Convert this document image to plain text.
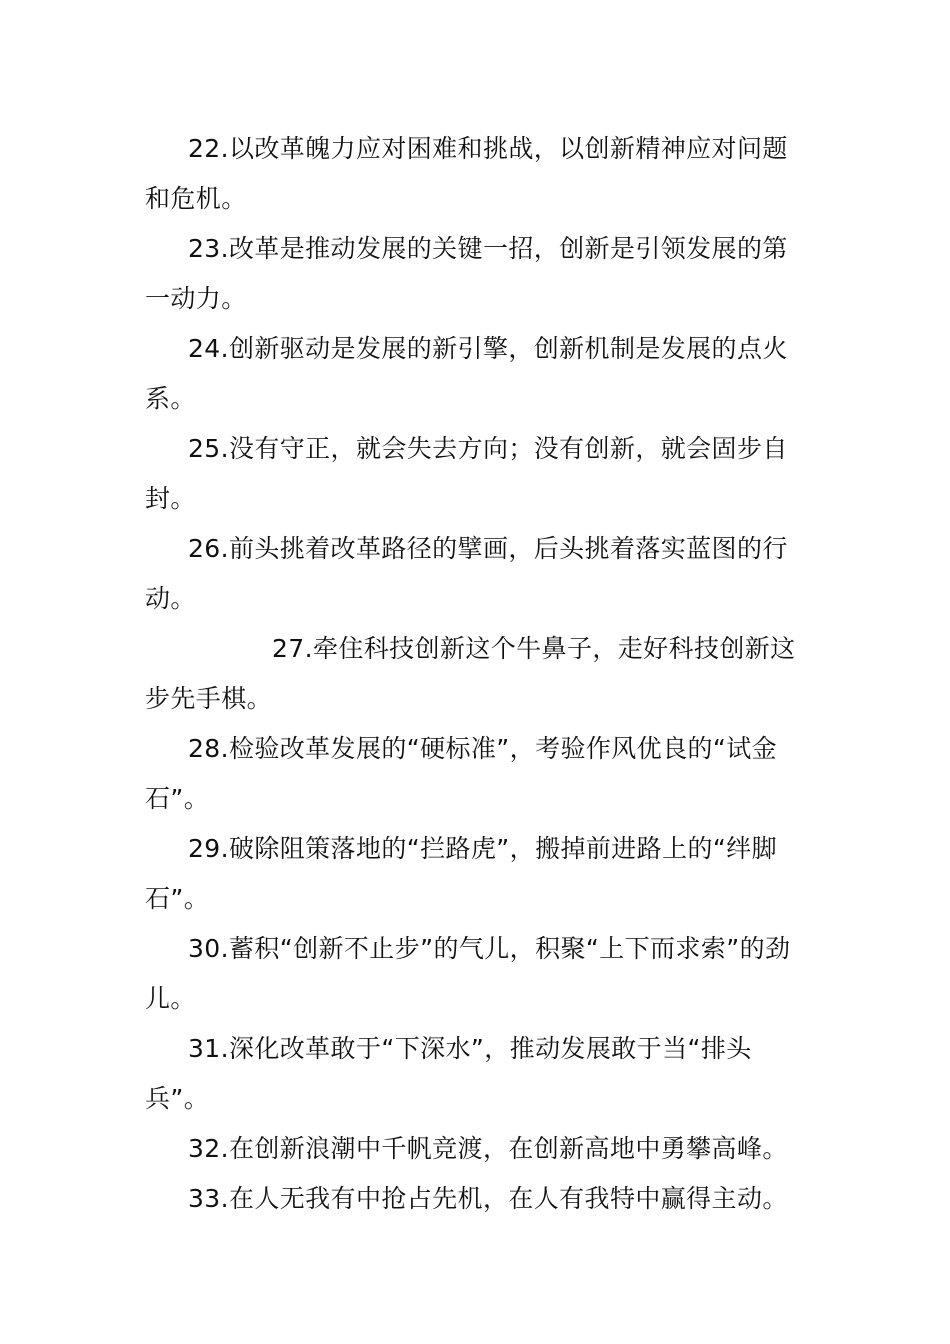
22.以改革魄力应对困难和挑战，以创新精神应对问题和危机。

23.改革是推动发展的关键一招，创新是引领发展的第一动力。

24.创新驱动是发展的新引擎，创新机制是发展的点火系。

25.没有守正，就会失去方向；没有创新，就会固步自封。

26.前头挑着改革路径的擘画，后头挑着落实蓝图的行动。

27.牵住科技创新这个牛鼻子，走好科技创新这步先手棋。

28.检验改革发展的“硬标准”，考验作风优良的“试金石”。

29.破除阻策落地的“拦路虎”，搬掉前进路上的“绊脚石”。

30.蓄积“创新不止步”的气儿，积聚“上下而求索”的劲儿。

31.深化改革敢于“下深水”，推动发展敢于当“排头兵”。

32.在创新浪潮中千帆竞渡，在创新高地中勇攀高峰。

33.在人无我有中抢占先机，在人有我特中赢得主动。
